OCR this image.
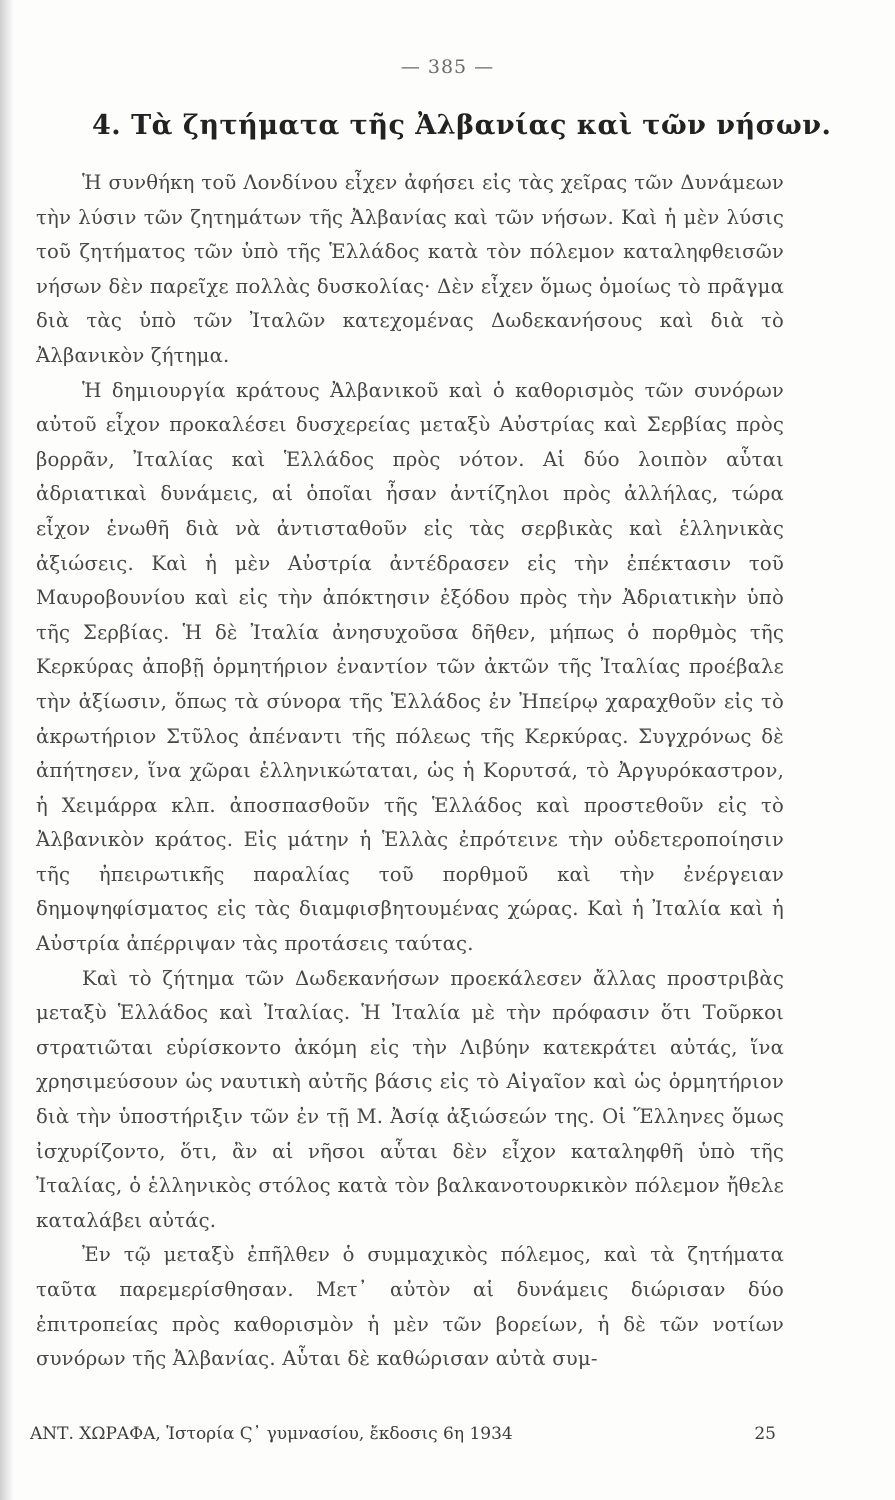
— 385 —
4. Τὰ ζητήματα τῆς Ἀλβανίας καὶ τῶν νήσων.

Ἡ συνθήκη τοῦ Λονδίνου εἶχεν ἀφήσει εἰς τὰς χεῖρας τῶν Δυνάμεων τὴν λύσιν τῶν ζητημάτων τῆς Ἀλβανίας καὶ τῶν νήσων. Καὶ ἡ μὲν λύσις τοῦ ζητήματος τῶν ὑπὸ τῆς Ἑλλάδος κατὰ τὸν πόλεμον καταληφθεισῶν νήσων δὲν παρεῖχε πολλὰς δυσκολίας· Δὲν εἶχεν ὅμως ὁμοίως τὸ πρᾶγμα διὰ τὰς ὑπὸ τῶν Ἰταλῶν κατεχομένας Δωδεκανήσους καὶ διὰ τὸ Ἀλβανικὸν ζήτημα.

Ἡ δημιουργία κράτους Ἀλβανικοῦ καὶ ὁ καθορισμὸς τῶν συνόρων αὐτοῦ εἶχον προκαλέσει δυσχερείας μεταξὺ Αὐστρίας καὶ Σερβίας πρὸς βορρᾶν, Ἰταλίας καὶ Ἑλλάδος πρὸς νότον. Αἱ δύο λοιπὸν αὗται ἀδριατικαὶ δυνάμεις, αἱ ὁποῖαι ἦσαν ἀντίζηλοι πρὸς ἀλλήλας, τώρα εἶχον ἑνωθῆ διὰ νὰ ἀντισταθοῦν εἰς τὰς σερβικὰς καὶ ἑλληνικὰς ἀξιώσεις. Καὶ ἡ μὲν Αὐστρία ἀντέδρασεν εἰς τὴν ἐπέκτασιν τοῦ Μαυροβουνίου καὶ εἰς τὴν ἀπόκτησιν ἐξόδου πρὸς τὴν Ἀδριατικὴν ὑπὸ τῆς Σερβίας. Ἡ δὲ Ἰταλία ἀνησυχοῦσα δῆθεν, μήπως ὁ πορθμὸς τῆς Κερκύρας ἀποβῇ ὁρμητήριον ἐναντίον τῶν ἀκτῶν τῆς Ἰταλίας προέβαλε τὴν ἀξίωσιν, ὅπως τὰ σύνορα τῆς Ἑλλάδος ἐν Ἠπείρῳ χαραχθοῦν εἰς τὸ ἀκρωτήριον Στῦλος ἀπέναντι τῆς πόλεως τῆς Κερκύρας. Συγχρόνως δὲ ἀπήτησεν, ἵνα χῶραι ἑλληνικώταται, ὡς ἡ Κορυτσά, τὸ Ἀργυρόκαστρον, ἡ Χειμάρρα κλπ. ἀποσπασθοῦν τῆς Ἑλλάδος καὶ προστεθοῦν εἰς τὸ Ἀλβανικὸν κράτος. Εἰς μάτην ἡ Ἑλλὰς ἐπρότεινε τὴν οὐδετεροποίησιν τῆς ἠπειρωτικῆς παραλίας τοῦ πορθμοῦ καὶ τὴν ἐνέργειαν δημοψηφίσματος εἰς τὰς διαμφισβητουμένας χώρας. Καὶ ἡ Ἰταλία καὶ ἡ Αὐστρία ἀπέρριψαν τὰς προτάσεις ταύτας.

Καὶ τὸ ζήτημα τῶν Δωδεκανήσων προεκάλεσεν ἄλλας προστριβὰς μεταξὺ Ἑλλάδος καὶ Ἰταλίας. Ἡ Ἰταλία μὲ τὴν πρόφασιν ὅτι Τοῦρκοι στρατιῶται εὑρίσκοντο ἀκόμη εἰς τὴν Λιβύην κατεκράτει αὐτάς, ἵνα χρησιμεύσουν ὡς ναυτικὴ αὐτῆς βάσις εἰς τὸ Αἰγαῖον καὶ ὡς ὁρμητήριον διὰ τὴν ὑποστήριξιν τῶν ἐν τῇ Μ. Ἀσίᾳ ἀξιώσεών της. Οἱ Ἕλληνες ὅμως ἰσχυρίζοντο, ὅτι, ἂν αἱ νῆσοι αὗται δὲν εἶχον καταληφθῆ ὑπὸ τῆς Ἰταλίας, ὁ ἑλληνικὸς στόλος κατὰ τὸν βαλκανοτουρκικὸν πόλεμον ἤθελε καταλάβει αὐτάς.

Ἐν τῷ μεταξὺ ἐπῆλθεν ὁ συμμαχικὸς πόλεμος, καὶ τὰ ζητήματα ταῦτα παρεμερίσθησαν. Μετ᾽ αὐτὸν αἱ δυνάμεις διώρισαν δύο ἐπιτροπείας πρὸς καθορισμὸν ἡ μὲν τῶν βορείων, ἡ δὲ τῶν νοτίων συνόρων τῆς Ἀλβανίας. Αὗται δὲ καθώρισαν αὐτὰ συμ-

ΑΝΤ. ΧΩΡΑΦΑ, Ἱστορία Ϛ᾽ γυμνασίου, ἔκδοσις 6η 1934	25
